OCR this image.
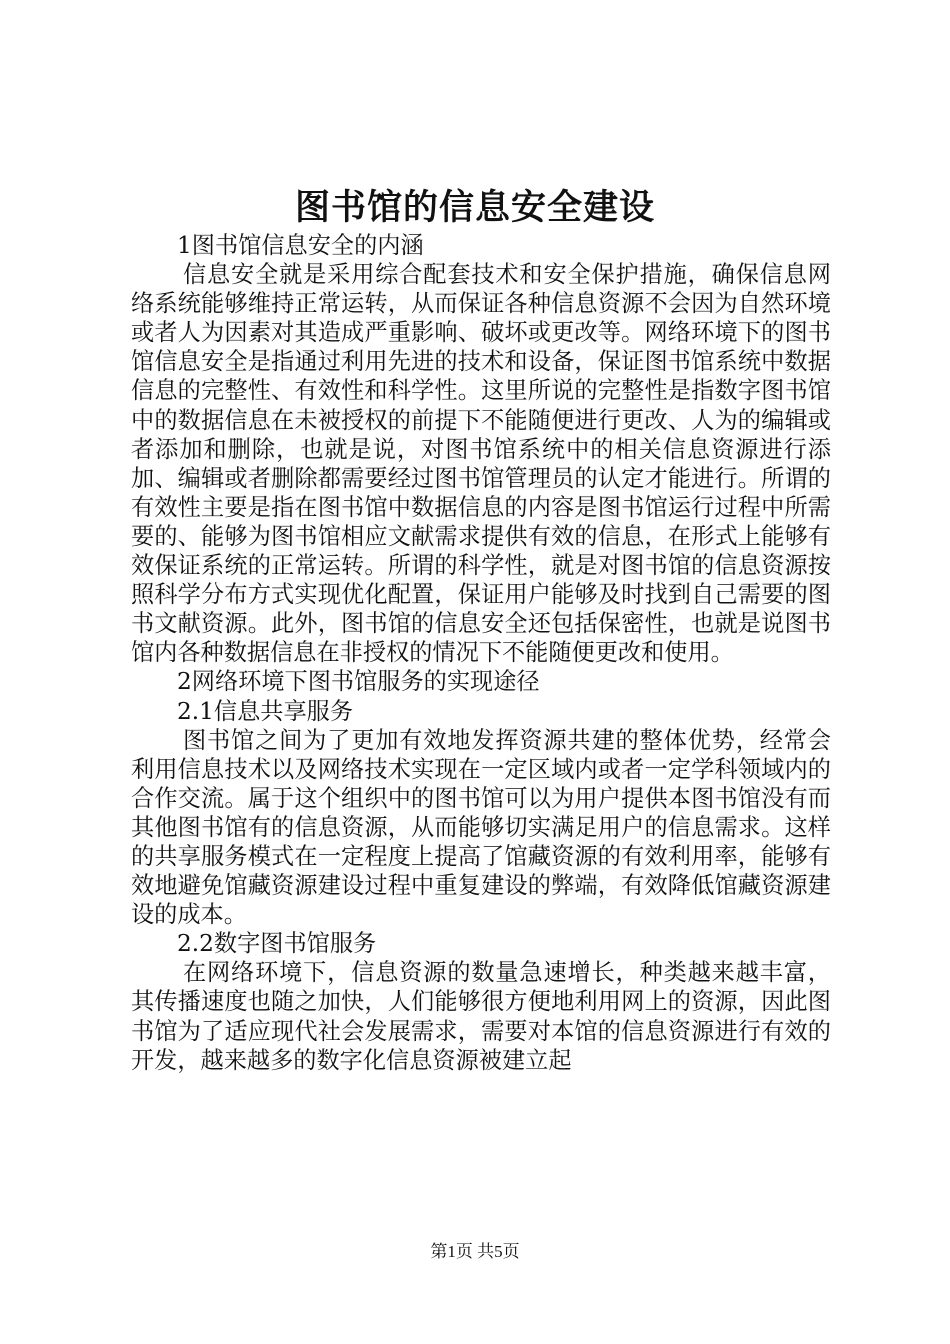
图书馆的信息安全建设

1图书馆信息安全的内涵

信息安全就是采用综合配套技术和安全保护措施，确保信息网络系统能够维持正常运转，从而保证各种信息资源不会因为自然环境或者人为因素对其造成严重影响、破坏或更改等。网络环境下的图书馆信息安全是指通过利用先进的技术和设备，保证图书馆系统中数据信息的完整性、有效性和科学性。这里所说的完整性是指数字图书馆中的数据信息在未被授权的前提下不能随便进行更改、人为的编辑或者添加和删除，也就是说，对图书馆系统中的相关信息资源进行添加、编辑或者删除都需要经过图书馆管理员的认定才能进行。所谓的有效性主要是指在图书馆中数据信息的内容是图书馆运行过程中所需要的、能够为图书馆相应文献需求提供有效的信息，在形式上能够有效保证系统的正常运转。所谓的科学性，就是对图书馆的信息资源按照科学分布方式实现优化配置，保证用户能够及时找到自己需要的图书文献资源。此外，图书馆的信息安全还包括保密性，也就是说图书馆内各种数据信息在非授权的情况下不能随便更改和使用。

2网络环境下图书馆服务的实现途径

2.1信息共享服务

图书馆之间为了更加有效地发挥资源共建的整体优势，经常会利用信息技术以及网络技术实现在一定区域内或者一定学科领域内的合作交流。属于这个组织中的图书馆可以为用户提供本图书馆没有而其他图书馆有的信息资源，从而能够切实满足用户的信息需求。这样的共享服务模式在一定程度上提高了馆藏资源的有效利用率，能够有效地避免馆藏资源建设过程中重复建设的弊端，有效降低馆藏资源建设的成本。

2.2数字图书馆服务

在网络环境下，信息资源的数量急速增长，种类越来越丰富，其传播速度也随之加快，人们能够很方便地利用网上的资源，因此图书馆为了适应现代社会发展需求，需要对本馆的信息资源进行有效的开发，越来越多的数字化信息资源被建立起

第1页 共5页
